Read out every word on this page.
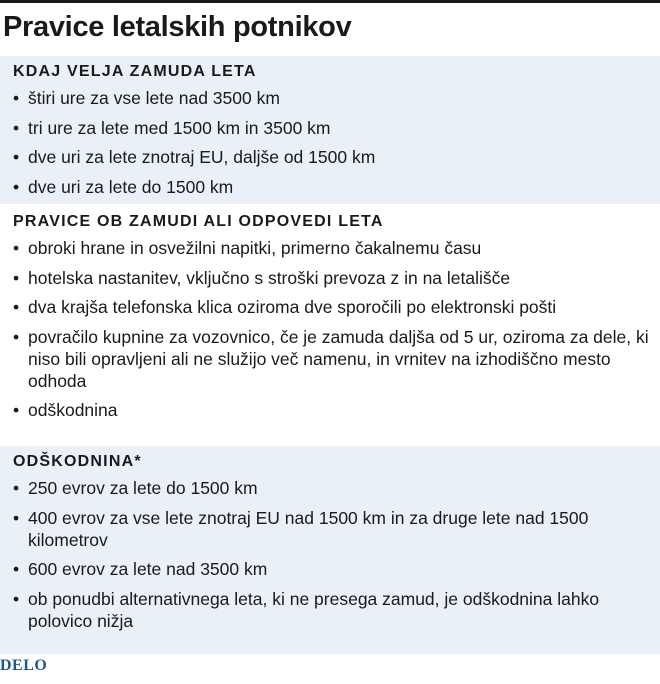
Pravice letalskih potnikov
KDAJ VELJA ZAMUDA LETA
• štiri ure za vse lete nad 3500 km
• tri ure za lete med 1500 km in 3500 km
• dve uri za lete znotraj EU, daljše od 1500 km
• dve uri za lete do 1500 km
PRAVICE OB ZAMUDI ALI ODPOVEDI LETA
• obroki hrane in osvežilni napitki, primerno čakalnemu času
• hotelska nastanitev, vključno s stroški prevoza z in na letališče
• dva krajša telefonska klica oziroma dve sporočili po elektronski pošti
• povračilo kupnine za vozovnico, če je zamuda daljša od 5 ur, oziroma za dele, ki niso bili opravljeni ali ne služijo več namenu, in vrnitev na izhodiščno mesto odhoda
• odškodnina
ODŠKODNINA*
• 250 evrov za lete do 1500 km
• 400 evrov za vse lete znotraj EU nad 1500 km in za druge lete nad 1500 kilometrov
• 600 evrov za lete nad 3500 km
• ob ponudbi alternativnega leta, ki ne presega zamud, je odškodnina lahko polovico nižja
DELO
